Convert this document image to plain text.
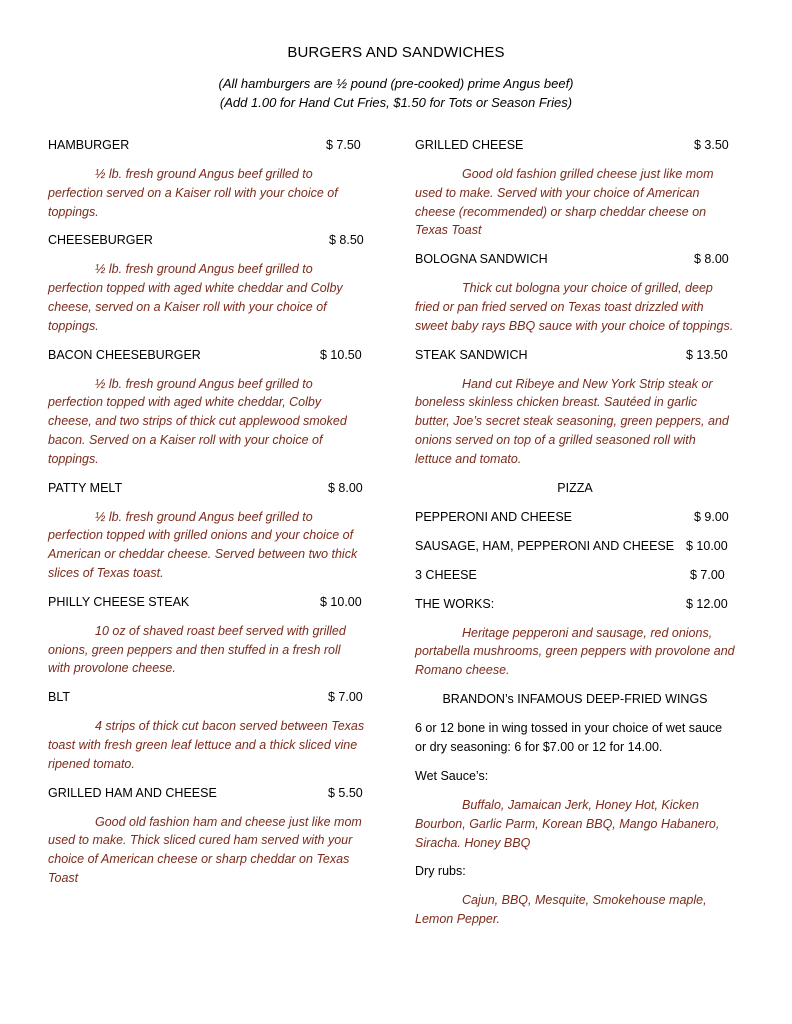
BURGERS AND SANDWICHES
(All hamburgers are ½ pound (pre-cooked) prime Angus beef)
(Add 1.00 for Hand Cut Fries, $1.50 for Tots or Season Fries)
HAMBURGER	$ 7.50

½ lb. fresh ground Angus beef grilled to perfection served on a Kaiser roll with your choice of toppings.

CHEESEBURGER	$ 8.50

½ lb. fresh ground Angus beef grilled to perfection topped with aged white cheddar and Colby cheese, served on a Kaiser roll with your choice of toppings.

BACON CHEESEBURGER	$ 10.50

½ lb. fresh ground Angus beef grilled to perfection topped with aged white cheddar, Colby cheese, and two strips of thick cut applewood smoked bacon. Served on a Kaiser roll with your choice of toppings.

PATTY MELT	$ 8.00

½ lb. fresh ground Angus beef grilled to perfection topped with grilled onions and your choice of American or cheddar cheese. Served between two thick slices of Texas toast.

PHILLY CHEESE STEAK	$ 10.00

10 oz of shaved roast beef served with grilled onions, green peppers and then stuffed in a fresh roll with provolone cheese.

BLT	$ 7.00

4 strips of thick cut bacon served between Texas toast with fresh green leaf lettuce and a thick sliced vine ripened tomato.

GRILLED HAM AND CHEESE	$ 5.50

Good old fashion ham and cheese just like mom used to make. Thick sliced cured ham served with your choice of American cheese or sharp cheddar on Texas Toast

GRILLED CHEESE	$ 3.50

Good old fashion grilled cheese just like mom used to make. Served with your choice of American cheese (recommended) or sharp cheddar cheese on Texas Toast

BOLOGNA SANDWICH	$ 8.00

Thick cut bologna your choice of grilled, deep fried or pan fried served on Texas toast drizzled with sweet baby rays BBQ sauce with your choice of toppings.

STEAK SANDWICH	$ 13.50

Hand cut Ribeye and New York Strip steak or boneless skinless chicken breast. Sautéed in garlic butter, Joe’s secret steak seasoning, green peppers, and onions served on top of a grilled seasoned roll with lettuce and tomato.

PIZZA
PEPPERONI AND CHEESE	$ 9.00
SAUSAGE, HAM, PEPPERONI AND CHEESE $ 10.00
3 CHEESE	$ 7.00
THE WORKS:	$ 12.00

Heritage pepperoni and sausage, red onions, portabella mushrooms, green peppers with provolone and Romano cheese.

BRANDON’s INFAMOUS DEEP-FRIED WINGS
6 or 12 bone in wing tossed in your choice of wet sauce or dry seasoning: 6 for $7.00 or 12 for 14.00.
Wet Sauce’s:

Buffalo, Jamaican Jerk, Honey Hot, Kicken Bourbon, Garlic Parm, Korean BBQ, Mango Habanero, Siracha. Honey BBQ

Dry rubs:

Cajun, BBQ, Mesquite, Smokehouse maple, Lemon Pepper.
